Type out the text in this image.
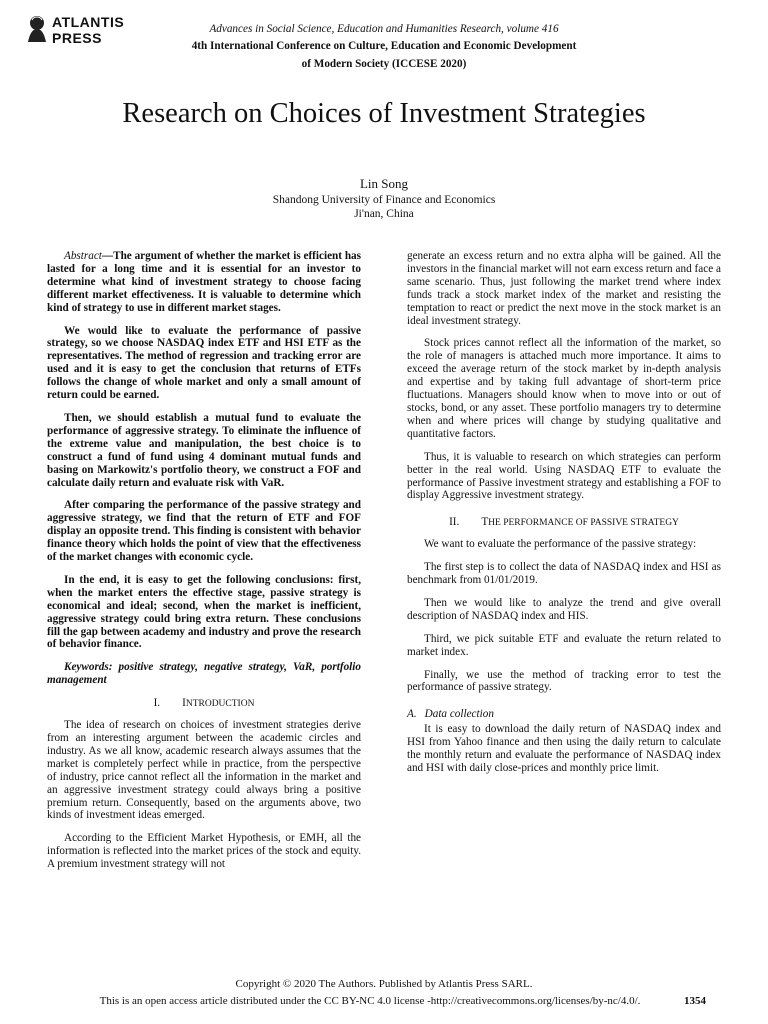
ATLANTIS
PRESS
Advances in Social Science, Education and Humanities Research, volume 416
4th International Conference on Culture, Education and Economic Development
of Modern Society (ICCESE 2020)
Research on Choices of Investment Strategies
Lin Song
Shandong University of Finance and Economics
Ji'nan, China

Abstract—The argument of whether the market is efficient has lasted for a long time and it is essential for an investor to determine what kind of investment strategy to choose facing different market effectiveness. It is valuable to determine which kind of strategy to use in different market stages.

We would like to evaluate the performance of passive strategy, so we choose NASDAQ index ETF and HSI ETF as the representatives. The method of regression and tracking error are used and it is easy to get the conclusion that returns of ETFs follows the change of whole market and only a small amount of return could be earned.

Then, we should establish a mutual fund to evaluate the performance of aggressive strategy. To eliminate the influence of the extreme value and manipulation, the best choice is to construct a fund of fund using 4 dominant mutual funds and basing on Markowitz's portfolio theory, we construct a FOF and calculate daily return and evaluate risk with VaR.

After comparing the performance of the passive strategy and aggressive strategy, we find that the return of ETF and FOF display an opposite trend. This finding is consistent with behavior finance theory which holds the point of view that the effectiveness of the market changes with economic cycle.

In the end, it is easy to get the following conclusions: first, when the market enters the effective stage, passive strategy is economical and ideal; second, when the market is inefficient, aggressive strategy could bring extra return. These conclusions fill the gap between academy and industry and prove the research of behavior finance.

Keywords: positive strategy, negative strategy, VaR, portfolio management

I. INTRODUCTION

The idea of research on choices of investment strategies derive from an interesting argument between the academic circles and industry. As we all know, academic research always assumes that the market is completely perfect while in practice, from the perspective of industry, price cannot reflect all the information in the market and an aggressive investment strategy could always bring a positive premium return. Consequently, based on the arguments above, two kinds of investment ideas emerged.

According to the Efficient Market Hypothesis, or EMH, all the information is reflected into the market prices of the stock and equity. A premium investment strategy will not

generate an excess return and no extra alpha will be gained. All the investors in the financial market will not earn excess return and face a same scenario. Thus, just following the market trend where index funds track a stock market index of the market and resisting the temptation to react or predict the next move in the stock market is an ideal investment strategy.

Stock prices cannot reflect all the information of the market, so the role of managers is attached much more importance. It aims to exceed the average return of the stock market by in-depth analysis and expertise and by taking full advantage of short-term price fluctuations. Managers should know when to move into or out of stocks, bond, or any asset. These portfolio managers try to determine when and where prices will change by studying qualitative and quantitative factors.

Thus, it is valuable to research on which strategies can perform better in the real world. Using NASDAQ ETF to evaluate the performance of Passive investment strategy and establishing a FOF to display Aggressive investment strategy.

II. THE PERFORMANCE OF PASSIVE STRATEGY

We want to evaluate the performance of the passive strategy:

The first step is to collect the data of NASDAQ index and HSI as benchmark from 01/01/2019.

Then we would like to analyze the trend and give overall description of NASDAQ index and HIS.

Third, we pick suitable ETF and evaluate the return related to market index.

Finally, we use the method of tracking error to test the performance of passive strategy.

A. Data collection

It is easy to download the daily return of NASDAQ index and HSI from Yahoo finance and then using the daily return to calculate the monthly return and evaluate the performance of NASDAQ index and HSI with daily close-prices and monthly price limit.

Copyright © 2020 The Authors. Published by Atlantis Press SARL.
This is an open access article distributed under the CC BY-NC 4.0 license -http://creativecommons.org/licenses/by-nc/4.0/.	1354
